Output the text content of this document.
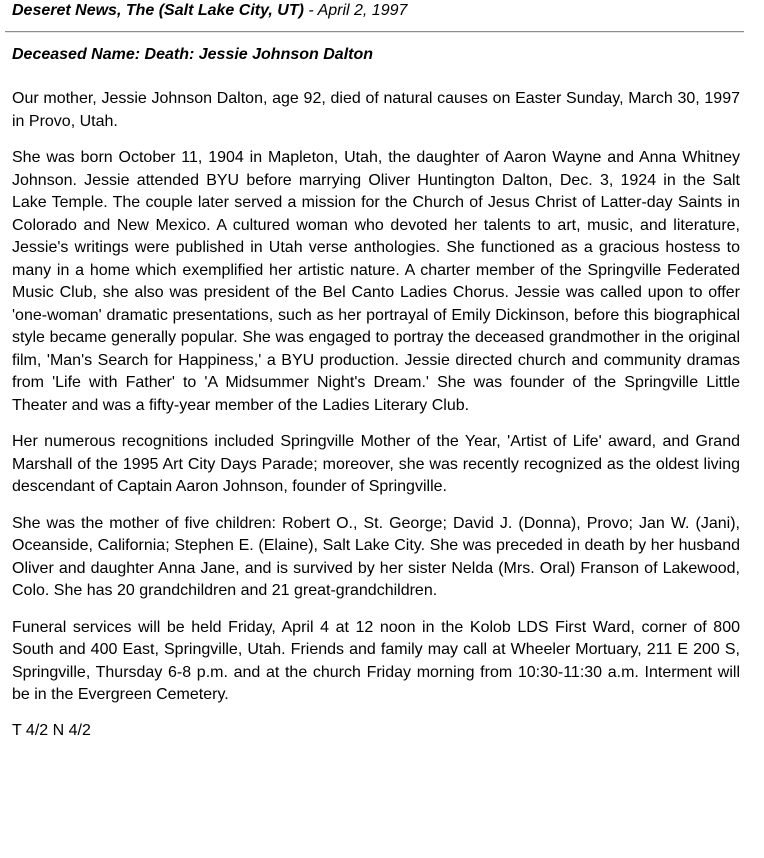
Deseret News, The (Salt Lake City, UT) - April 2, 1997
Deceased Name: Death: Jessie Johnson Dalton

Our mother, Jessie Johnson Dalton, age 92, died of natural causes on Easter Sunday, March 30, 1997 in Provo, Utah.

She was born October 11, 1904 in Mapleton, Utah, the daughter of Aaron Wayne and Anna Whitney Johnson. Jessie attended BYU before marrying Oliver Huntington Dalton, Dec. 3, 1924 in the Salt Lake Temple. The couple later served a mission for the Church of Jesus Christ of Latter-day Saints in Colorado and New Mexico. A cultured woman who devoted her talents to art, music, and literature, Jessie's writings were published in Utah verse anthologies. She functioned as a gracious hostess to many in a home which exemplified her artistic nature. A charter member of the Springville Federated Music Club, she also was president of the Bel Canto Ladies Chorus. Jessie was called upon to offer 'one-woman' dramatic presentations, such as her portrayal of Emily Dickinson, before this biographical style became generally popular. She was engaged to portray the deceased grandmother in the original film, 'Man's Search for Happiness,' a BYU production. Jessie directed church and community dramas from 'Life with Father' to 'A Midsummer Night's Dream.' She was founder of the Springville Little Theater and was a fifty-year member of the Ladies Literary Club.

Her numerous recognitions included Springville Mother of the Year, 'Artist of Life' award, and Grand Marshall of the 1995 Art City Days Parade; moreover, she was recently recognized as the oldest living descendant of Captain Aaron Johnson, founder of Springville.

She was the mother of five children: Robert O., St. George; David J. (Donna), Provo; Jan W. (Jani), Oceanside, California; Stephen E. (Elaine), Salt Lake City. She was preceded in death by her husband Oliver and daughter Anna Jane, and is survived by her sister Nelda (Mrs. Oral) Franson of Lakewood, Colo. She has 20 grandchildren and 21 great-grandchildren.

Funeral services will be held Friday, April 4 at 12 noon in the Kolob LDS First Ward, corner of 800 South and 400 East, Springville, Utah. Friends and family may call at Wheeler Mortuary, 211 E 200 S, Springville, Thursday 6-8 p.m. and at the church Friday morning from 10:30-11:30 a.m. Interment will be in the Evergreen Cemetery.

T 4/2 N 4/2
